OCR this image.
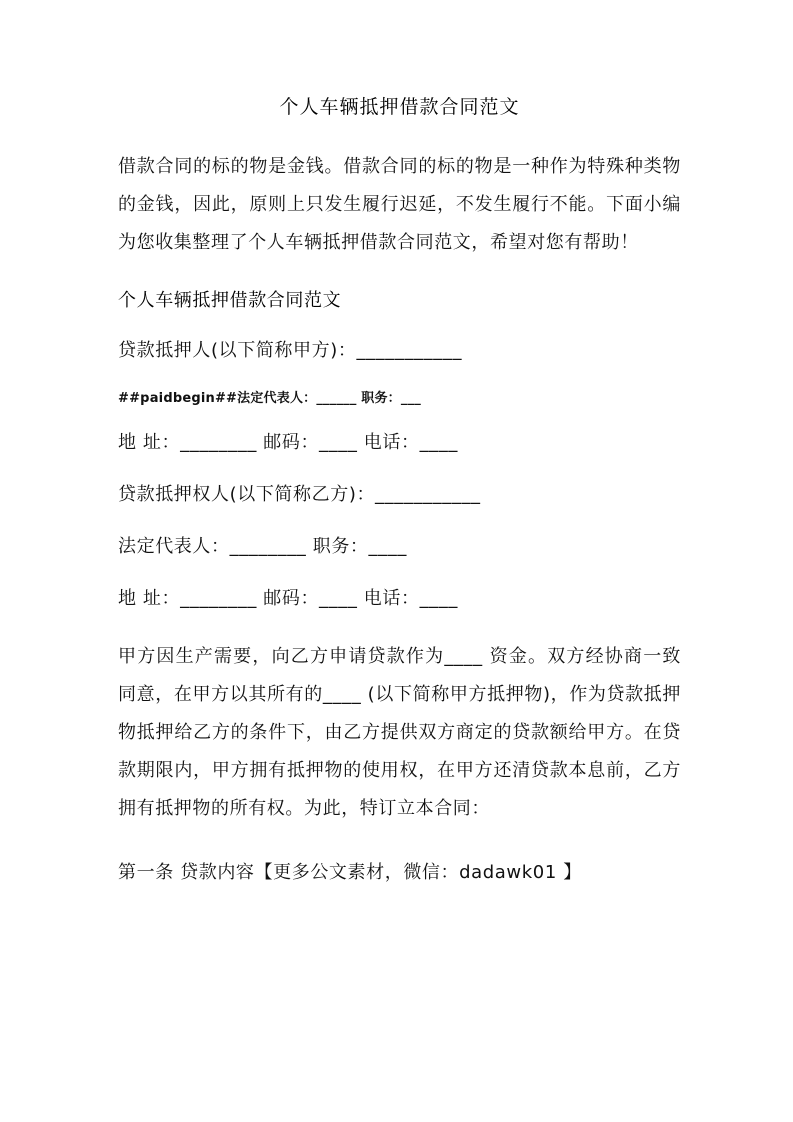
个人车辆抵押借款合同范文

借款合同的标的物是金钱。借款合同的标的物是一种作为特殊种类物的金钱，因此，原则上只发生履行迟延，不发生履行不能。下面小编为您收集整理了个人车辆抵押借款合同范文，希望对您有帮助！

个人车辆抵押借款合同范文

贷款抵押人(以下简称甲方)：___________

##paidbegin##法定代表人：______ 职务：___

地 址：________ 邮码：____ 电话：____

贷款抵押权人(以下简称乙方)：___________

法定代表人：________ 职务：____

地 址：________ 邮码：____ 电话：____

甲方因生产需要，向乙方申请贷款作为____ 资金。双方经协商一致同意，在甲方以其所有的____ (以下简称甲方抵押物)，作为贷款抵押物抵押给乙方的条件下，由乙方提供双方商定的贷款额给甲方。在贷款期限内，甲方拥有抵押物的使用权，在甲方还清贷款本息前，乙方拥有抵押物的所有权。为此，特订立本合同：

第一条 贷款内容【更多公文素材，微信：dadawk01 】
